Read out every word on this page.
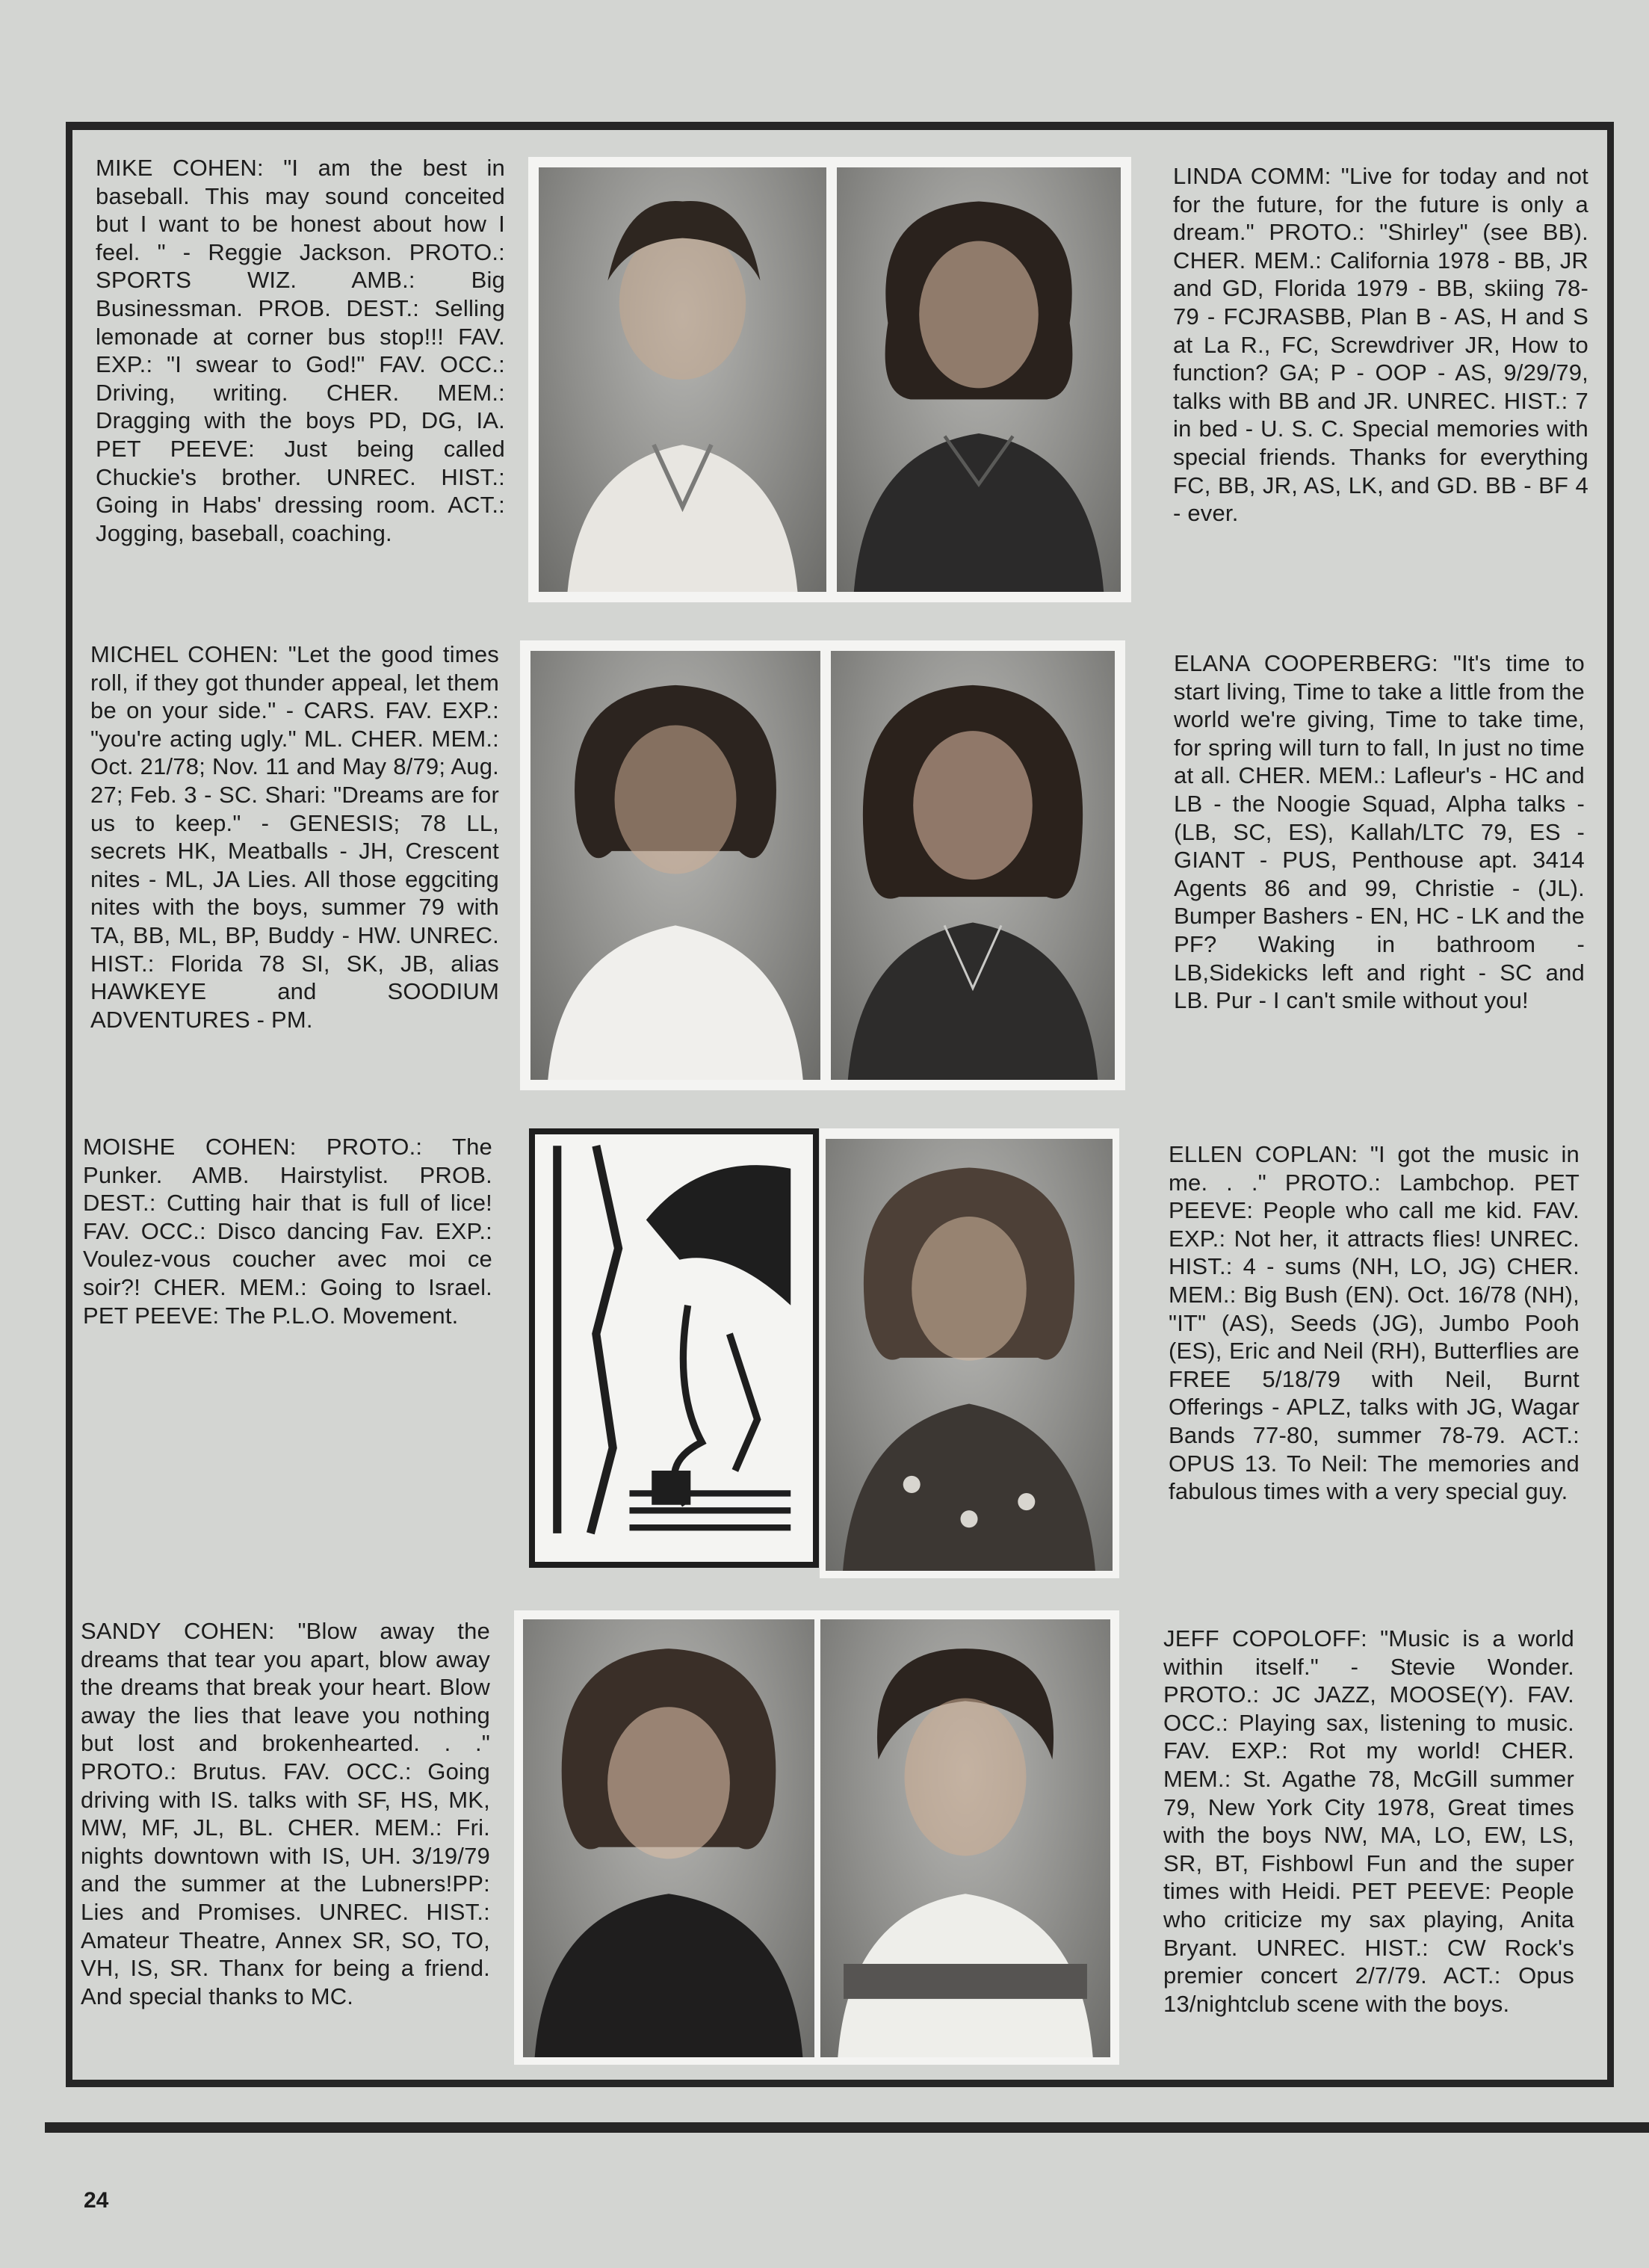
MIKE COHEN: "I am the best in baseball. This may sound conceited but I want to be honest about how I feel. " - Reggie Jackson. PROTO.: SPORTS WIZ. AMB.: Big Businessman. PROB. DEST.: Selling lemonade at corner bus stop!!! FAV. EXP.: "I swear to God!" FAV. OCC.: Driving, writing. CHER. MEM.: Dragging with the boys PD, DG, IA. PET PEEVE: Just being called Chuckie's brother. UNREC. HIST.: Going in Habs' dressing room. ACT.: Jogging, baseball, coaching.
LINDA COMM: "Live for today and not for the future, for the future is only a dream." PROTO.: "Shirley" (see BB). CHER. MEM.: California 1978 - BB, JR and GD, Florida 1979 - BB, skiing 78-79 - FCJRASBB, Plan B - AS, H and S at La R., FC, Screwdriver JR, How to function? GA; P - OOP - AS, 9/29/79, talks with BB and JR. UNREC. HIST.: 7 in bed - U. S. C. Special memories with special friends. Thanks for everything FC, BB, JR, AS, LK, and GD. BB - BF 4 - ever.
MICHEL COHEN: "Let the good times roll, if they got thunder appeal, let them be on your side." - CARS. FAV. EXP.: "you're acting ugly." ML. CHER. MEM.: Oct. 21/78; Nov. 11 and May 8/79; Aug. 27; Feb. 3 - SC. Shari: "Dreams are for us to keep." - GENESIS; 78 LL, secrets HK, Meatballs - JH, Crescent nites - ML, JA Lies. All those eggciting nites with the boys, summer 79 with TA, BB, ML, BP, Buddy - HW. UNREC. HIST.: Florida 78 SI, SK, JB, alias HAWKEYE and SOODIUM ADVENTURES - PM.
ELANA COOPERBERG: "It's time to start living, Time to take a little from the world we're giving, Time to take time, for spring will turn to fall, In just no time at all. CHER. MEM.: Lafleur's - HC and LB - the Noogie Squad, Alpha talks - (LB, SC, ES), Kallah/LTC 79, ES - GIANT - PUS, Penthouse apt. 3414 Agents 86 and 99, Christie - (JL). Bumper Bashers - EN, HC - LK and the PF? Waking in bathroom - LB,Sidekicks left and right - SC and LB. Pur - I can't smile without you!
MOISHE COHEN: PROTO.: The Punker. AMB. Hairstylist. PROB. DEST.: Cutting hair that is full of lice! FAV. OCC.: Disco dancing Fav. EXP.: Voulez-vous coucher avec moi ce soir?! CHER. MEM.: Going to Israel. PET PEEVE: The P.L.O. Movement.
ELLEN COPLAN: "I got the music in me. . ." PROTO.: Lambchop. PET PEEVE: People who call me kid. FAV. EXP.: Not her, it attracts flies! UNREC. HIST.: 4 - sums (NH, LO, JG) CHER. MEM.: Big Bush (EN). Oct. 16/78 (NH), "IT" (AS), Seeds (JG), Jumbo Pooh (ES), Eric and Neil (RH), Butterflies are FREE 5/18/79 with Neil, Burnt Offerings - APLZ, talks with JG, Wagar Bands 77-80, summer 78-79. ACT.: OPUS 13. To Neil: The memories and fabulous times with a very special guy.
SANDY COHEN: "Blow away the dreams that tear you apart, blow away the dreams that break your heart. Blow away the lies that leave you nothing but lost and brokenhearted. . ." PROTO.: Brutus. FAV. OCC.: Going driving with IS. talks with SF, HS, MK, MW, MF, JL, BL. CHER. MEM.: Fri. nights downtown with IS, UH. 3/19/79 and the summer at the Lubners!PP: Lies and Promises. UNREC. HIST.: Amateur Theatre, Annex SR, SO, TO, VH, IS, SR. Thanx for being a friend. And special thanks to MC.
JEFF COPOLOFF: "Music is a world within itself." - Stevie Wonder. PROTO.: JC JAZZ, MOOSE(Y). FAV. OCC.: Playing sax, listening to music. FAV. EXP.: Rot my world! CHER. MEM.: St. Agathe 78, McGill summer 79, New York City 1978, Great times with the boys NW, MA, LO, EW, LS, SR, BT, Fishbowl Fun and the super times with Heidi. PET PEEVE: People who criticize my sax playing, Anita Bryant. UNREC. HIST.: CW Rock's premier concert 2/7/79. ACT.: Opus 13/nightclub scene with the boys.
24
